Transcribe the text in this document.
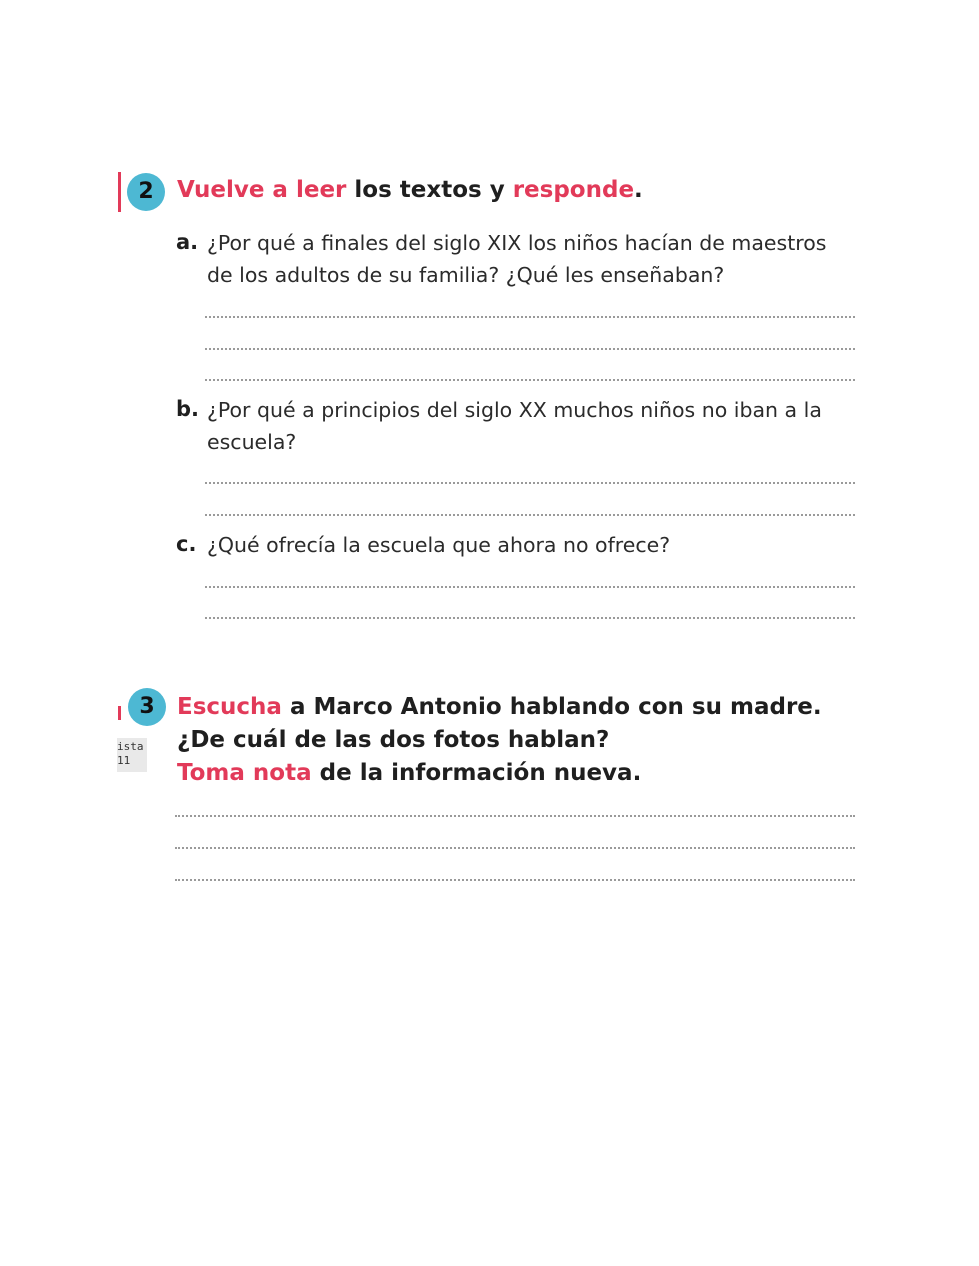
2	Vuelve a leer los textos y responde.
a. ¿Por qué a finales del siglo XIX los niños hacían de maestros
de los adultos de su familia? ¿Qué les enseñaban?
b. ¿Por qué a principios del siglo XX muchos niños no iban a la
escuela?
c. ¿Qué ofrecía la escuela que ahora no ofrece?
ista
11
3 Escucha a Marco Antonio hablando con su madre.
¿De cuál de las dos fotos hablan?
Toma nota de la información nueva.
